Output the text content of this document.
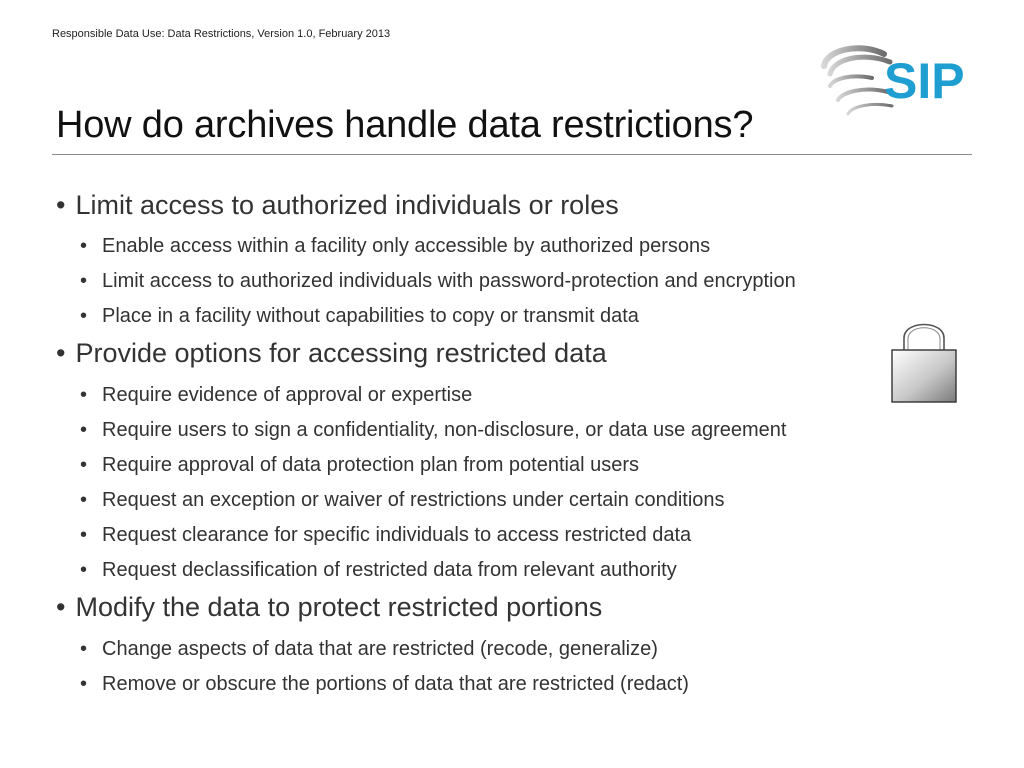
Responsible Data Use: Data Restrictions, Version 1.0, February 2013
SIP
How do archives handle data restrictions?
• Limit access to authorized individuals or roles
• Enable access within a facility only accessible by authorized persons
• Limit access to authorized individuals with password-protection and encryption
• Place in a facility without capabilities to copy or transmit data
• Provide options for accessing restricted data
• Require evidence of approval or expertise
• Require users to sign a confidentiality, non-disclosure, or data use agreement
• Require approval of data protection plan from potential users
• Request an exception or waiver of restrictions under certain conditions
• Request clearance for specific individuals to access restricted data
• Request declassification of restricted data from relevant authority
• Modify the data to protect restricted portions
• Change aspects of data that are restricted (recode, generalize)
• Remove or obscure the portions of data that are restricted (redact)
